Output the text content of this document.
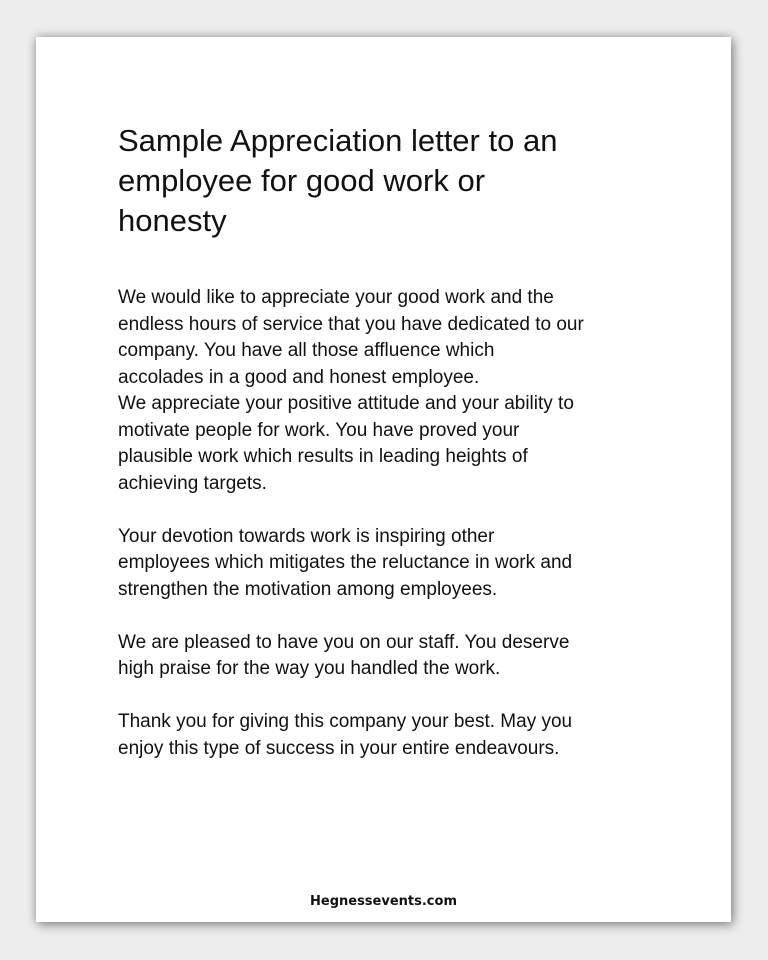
Sample Appreciation letter to an
employee for good work or
honesty
We would like to appreciate your good work and the
endless hours of service that you have dedicated to our
company. You have all those affluence which
accolades in a good and honest employee.
We appreciate your positive attitude and your ability to
motivate people for work. You have proved your
plausible work which results in leading heights of
achieving targets.
Your devotion towards work is inspiring other
employees which mitigates the reluctance in work and
strengthen the motivation among employees.
We are pleased to have you on our staff. You deserve
high praise for the way you handled the work.
Thank you for giving this company your best. May you
enjoy this type of success in your entire endeavours.
Hegnessevents.com
